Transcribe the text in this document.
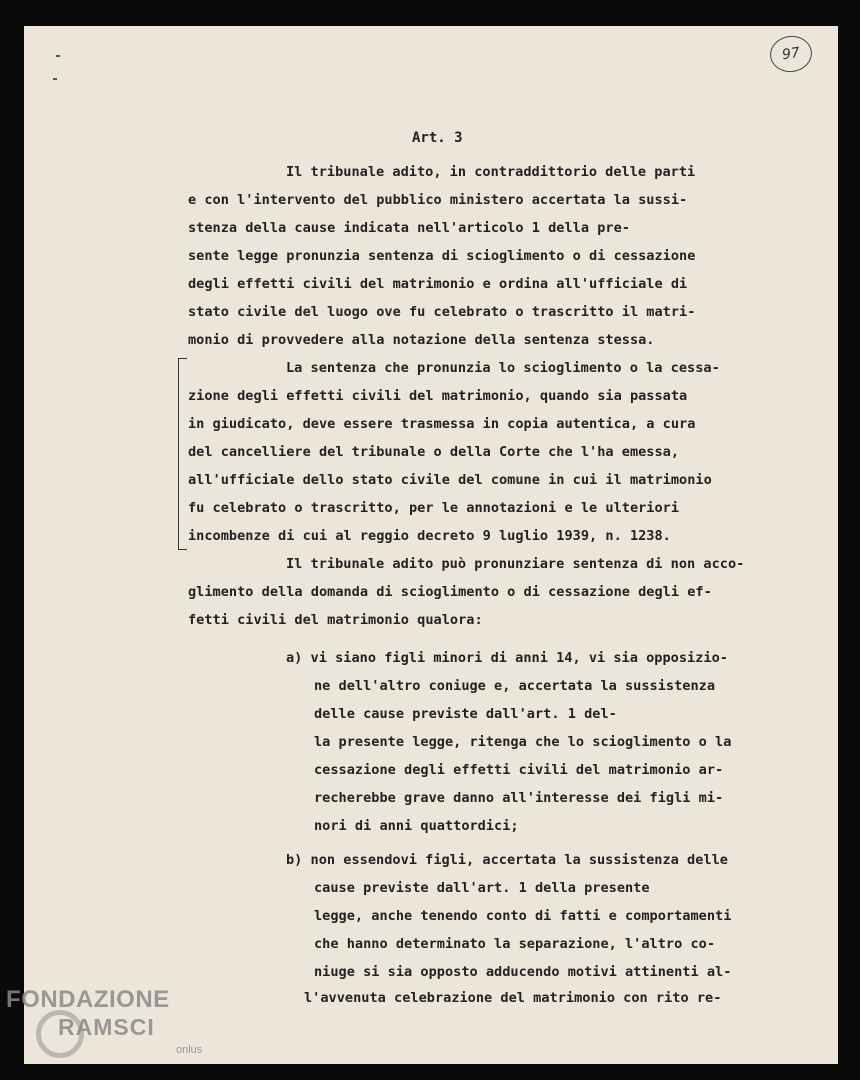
97
Art. 3
Il tribunale adito, in contraddittorio delle parti
e con l'intervento del pubblico ministero accertata la sussi-
stenza della cause indicata nell'articolo 1 della pre-
sente legge pronunzia sentenza di scioglimento o di cessazione
degli effetti civili del matrimonio e ordina all'ufficiale di
stato civile del luogo ove fu celebrato o trascritto il matri-
monio di provvedere alla notazione della sentenza stessa.
La sentenza che pronunzia lo scioglimento o la cessa-
zione degli effetti civili del matrimonio, quando sia passata
in giudicato, deve essere trasmessa in copia autentica, a cura
del cancelliere del tribunale o della Corte che l'ha emessa,
all'ufficiale dello stato civile del comune in cui il matrimonio
fu celebrato o trascritto, per le annotazioni e le ulteriori
incombenze di cui al reggio decreto 9 luglio 1939, n. 1238.
Il tribunale adito può pronunziare sentenza di non acco-
glimento della domanda di scioglimento o di cessazione degli ef-
fetti civili del matrimonio qualora:
a) vi siano figli minori di anni 14, vi sia opposizio-
ne dell'altro coniuge e, accertata la sussistenza
delle cause previste dall'art. 1 del-
la presente legge, ritenga che lo scioglimento o la
cessazione degli effetti civili del matrimonio ar-
recherebbe grave danno all'interesse dei figli mi-
nori di anni quattordici;
b) non essendovi figli, accertata la sussistenza delle
cause previste dall'art. 1 della presente
legge, anche tenendo conto di fatti e comportamenti
che hanno determinato la separazione, l'altro co-
niuge si sia opposto adducendo motivi attinenti al-
l'avvenuta celebrazione del matrimonio con rito re-
FONDAZIONE
RAMSCI
onlus
